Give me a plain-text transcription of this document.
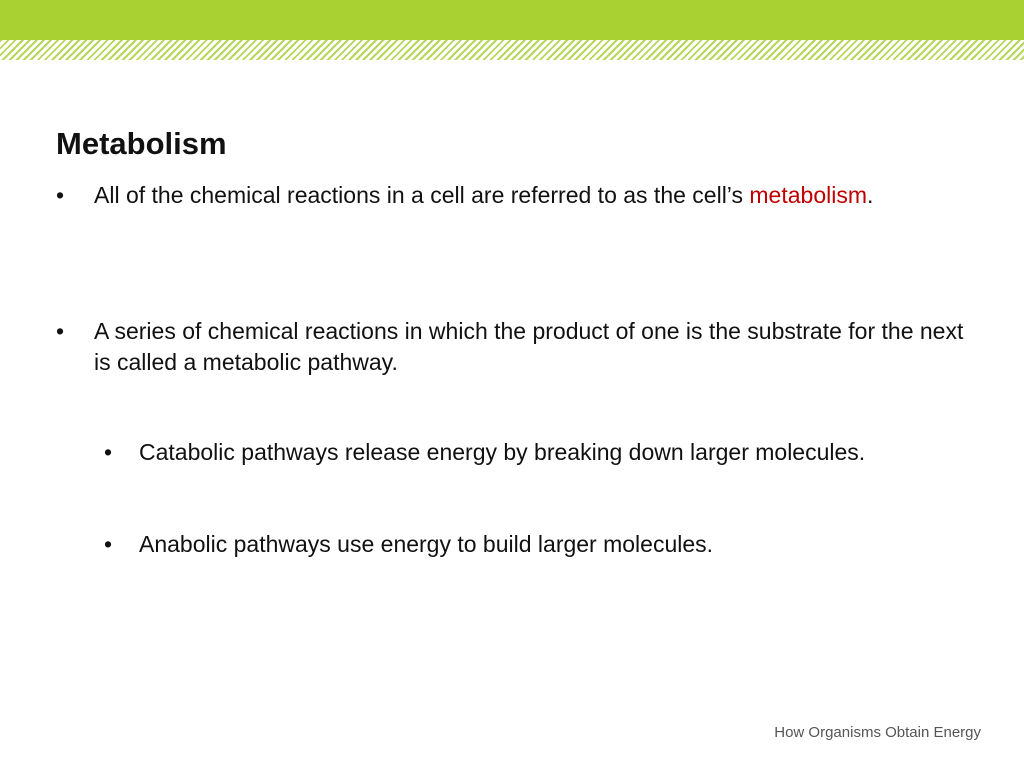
Metabolism
• All of the chemical reactions in a cell are referred to as the cell’s metabolism.
• A series of chemical reactions in which the product of one is the substrate for the next is called a metabolic pathway.
• Catabolic pathways release energy by breaking down larger molecules.
• Anabolic pathways use energy to build larger molecules.
How Organisms Obtain Energy
